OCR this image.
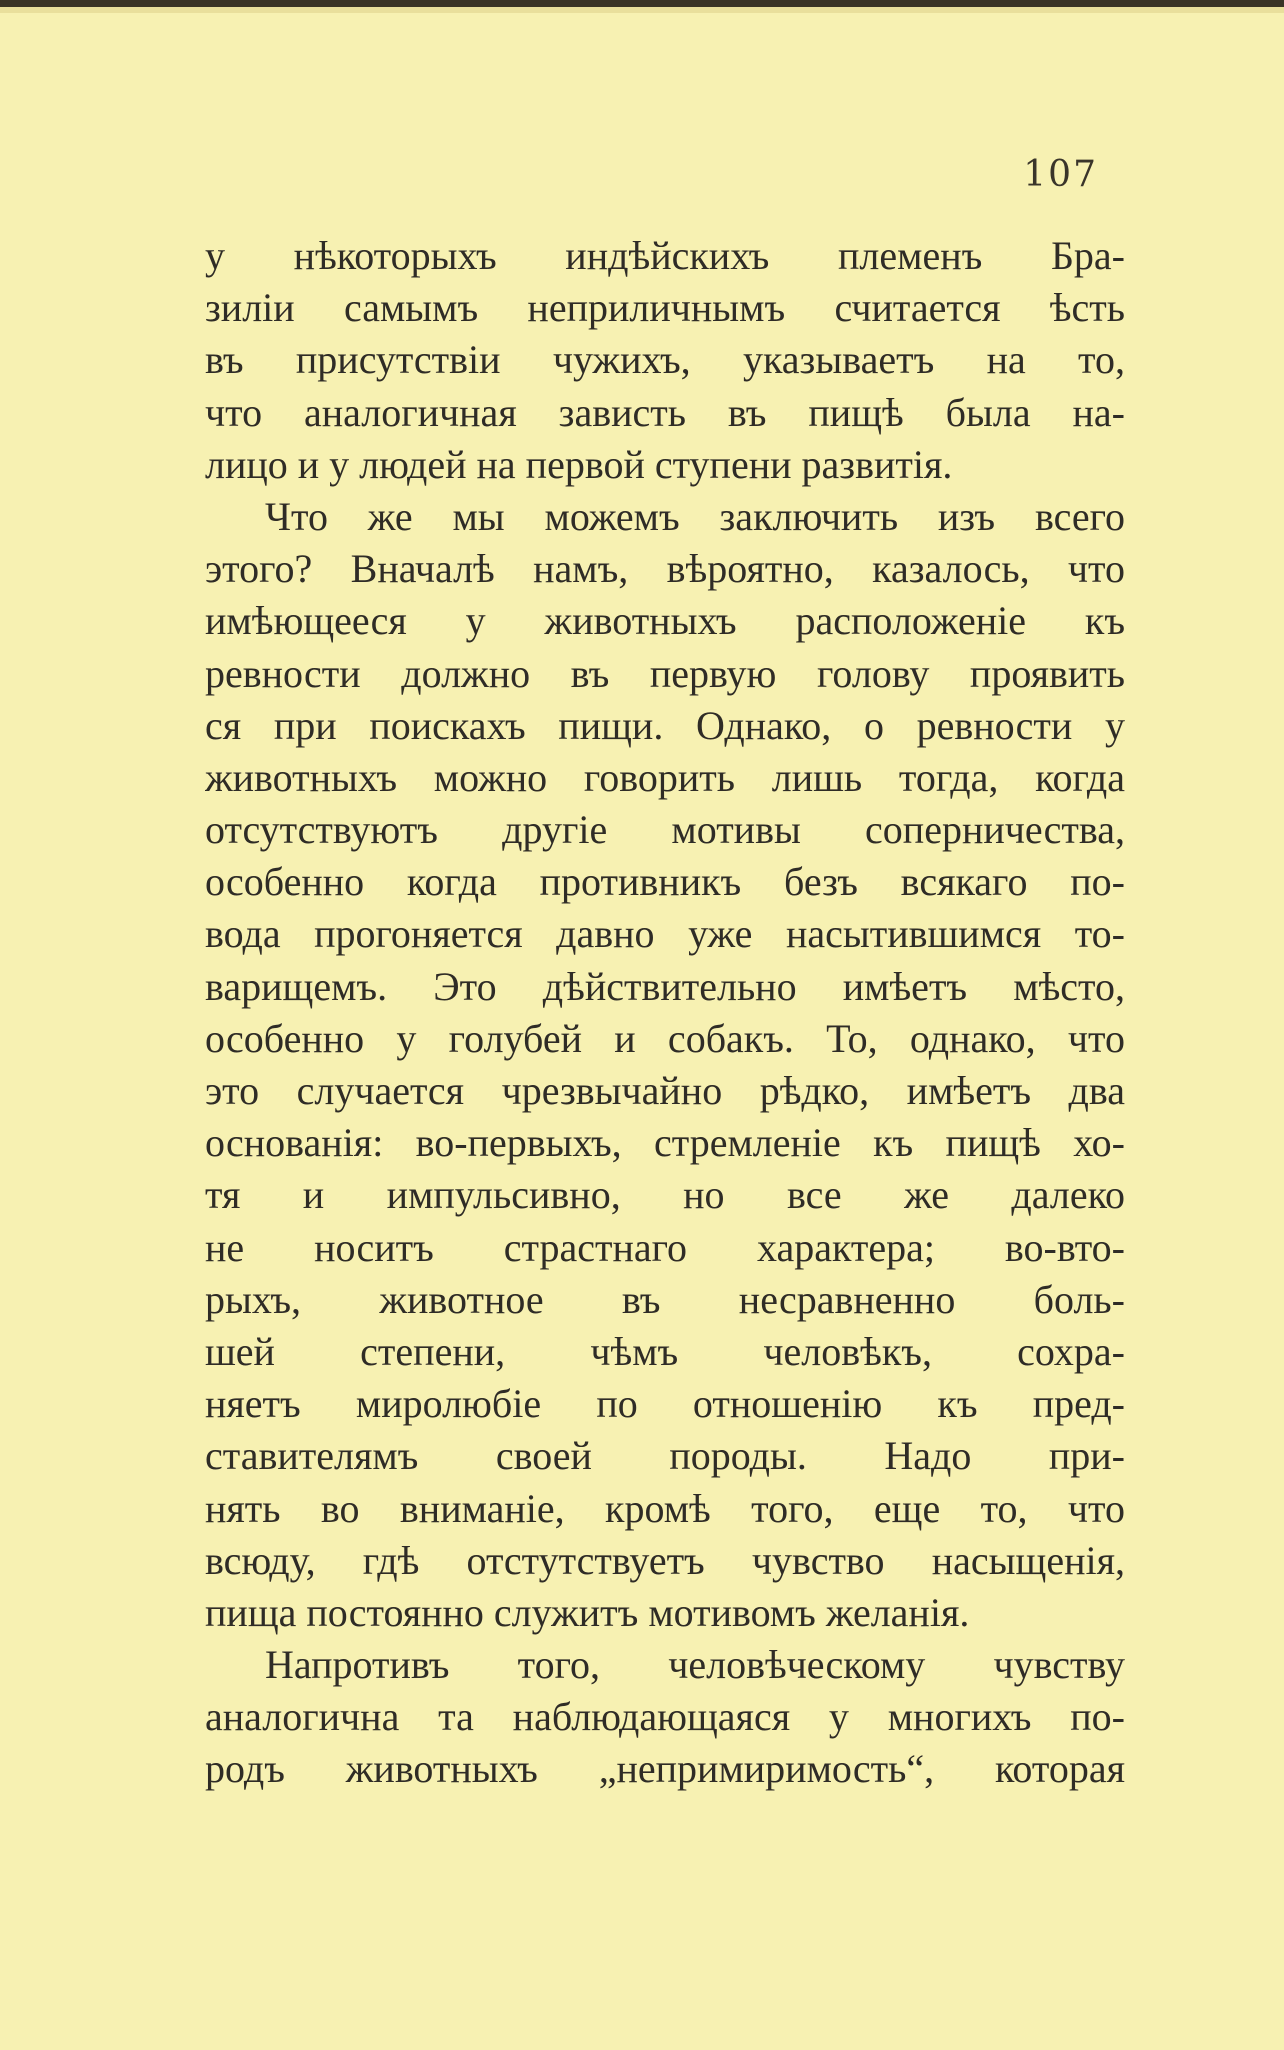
107
у нѣкоторыхъ индѣйскихъ племенъ Бра-
зиліи самымъ неприличнымъ считается ѣсть
въ присутствіи чужихъ, указываетъ на то,
что аналогичная зависть въ пищѣ была на-
лицо и у людей на первой ступени развитія.
Что же мы можемъ заключить изъ всего
этого? Вначалѣ намъ, вѣроятно, казалось, что
имѣющееся у животныхъ расположеніе къ
ревности должно въ первую голову проявить
ся при поискахъ пищи. Однако, о ревности у
животныхъ можно говорить лишь тогда, когда
отсутствуютъ другіе мотивы соперничества,
особенно когда противникъ безъ всякаго по-
вода прогоняется давно уже насытившимся то-
варищемъ. Это дѣйствительно имѣетъ мѣсто,
особенно у голубей и собакъ. То, однако, что
это случается чрезвычайно рѣдко, имѣетъ два
основанія: во-первыхъ, стремленіе къ пищѣ хо-
тя и импульсивно, но все же далеко
не носитъ страстнаго характера; во-вто-
рыхъ, животное въ несравненно боль-
шей степени, чѣмъ человѣкъ, сохра-
няетъ миролюбіе по отношенію къ пред-
ставителямъ своей породы. Надо при-
нять во вниманіе, кромѣ того, еще то, что
всюду, гдѣ отстутствуетъ чувство насыщенія,
пища постоянно служитъ мотивомъ желанія.
Напротивъ того, человѣческому чувству
аналогична та наблюдающаяся у многихъ по-
родъ животныхъ „непримиримость“, которая
